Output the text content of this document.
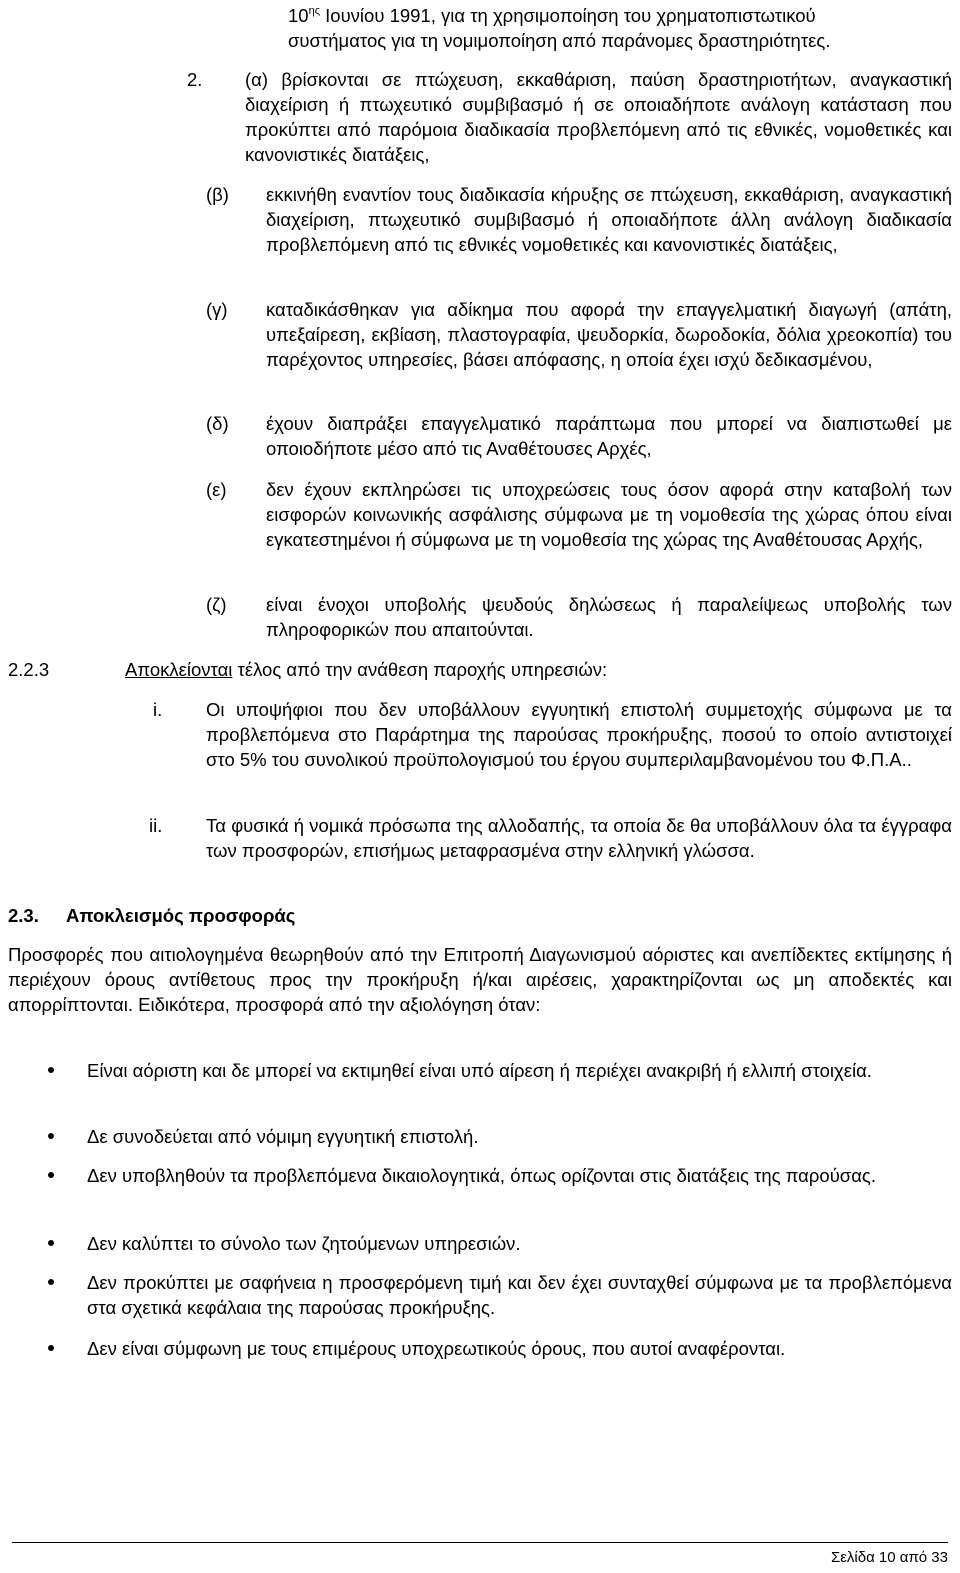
$10^{\eta\varsigma}$ Ιουνίου 1991, για τη χρησιμοποίηση του χρηματοπιστωτικού
συστήματος για τη νομιμοποίηση από παράνομες δραστηριότητες.
2. (α) βρίσκονται σε πτώχευση, εκκαθάριση, παύση δραστηριοτήτων, αναγκαστική διαχείριση ή πτωχευτικό συμβιβασμό ή σε οποιαδήποτε ανάλογη κατάσταση που προκύπτει από παρόμοια διαδικασία προβλεπόμενη από τις εθνικές, νομοθετικές και κανονιστικές διατάξεις,
(β) εκκινήθη εναντίον τους διαδικασία κήρυξης σε πτώχευση, εκκαθάριση, αναγκαστική διαχείριση, πτωχευτικό συμβιβασμό ή οποιαδήποτε άλλη ανάλογη διαδικασία προβλεπόμενη από τις εθνικές νομοθετικές και κανονιστικές διατάξεις,
(γ) καταδικάσθηκαν για αδίκημα που αφορά την επαγγελματική διαγωγή (απάτη, υπεξαίρεση, εκβίαση, πλαστογραφία, ψευδορκία, δωροδοκία, δόλια χρεοκοπία) του παρέχοντος υπηρεσίες, βάσει απόφασης, η οποία έχει ισχύ δεδικασμένου,
(δ) έχουν διαπράξει επαγγελματικό παράπτωμα που μπορεί να διαπιστωθεί με οποιοδήποτε μέσο από τις Αναθέτουσες Αρχές,
(ε) δεν έχουν εκπληρώσει τις υποχρεώσεις τους όσον αφορά στην καταβολή των εισφορών κοινωνικής ασφάλισης σύμφωνα με τη νομοθεσία της χώρας όπου είναι εγκατεστημένοι ή σύμφωνα με τη νομοθεσία της χώρας της Αναθέτουσας Αρχής,
(ζ) είναι ένοχοι υποβολής ψευδούς δηλώσεως ή παραλείψεως υποβολής των πληροφορικών που απαιτούνται.
2.2.3	Αποκλείονται τέλος από την ανάθεση παροχής υπηρεσιών:
i. Οι υποψήφιοι που δεν υποβάλλουν εγγυητική επιστολή συμμετοχής σύμφωνα με τα προβλεπόμενα στο Παράρτημα της παρούσας προκήρυξης, ποσού το οποίο αντιστοιχεί στο 5% του συνολικού προϋπολογισμού του έργου συμπεριλαμβανομένου του Φ.Π.Α..
ii. Τα φυσικά ή νομικά πρόσωπα της αλλοδαπής, τα οποία δε θα υποβάλλουν όλα τα έγγραφα των προσφορών, επισήμως μεταφρασμένα στην ελληνική γλώσσα.
2.3. Αποκλεισμός προσφοράς
Προσφορές που αιτιολογημένα θεωρηθούν από την Επιτροπή Διαγωνισμού αόριστες και ανεπίδεκτες εκτίμησης ή περιέχουν όρους αντίθετους προς την προκήρυξη ή/και αιρέσεις, χαρακτηρίζονται ως μη αποδεκτές και απορρίπτονται. Ειδικότερα, προσφορά από την αξιολόγηση όταν:
Είναι αόριστη και δε μπορεί να εκτιμηθεί είναι υπό αίρεση ή περιέχει ανακριβή ή ελλιπή στοιχεία.
Δε συνοδεύεται από νόμιμη εγγυητική επιστολή.
Δεν υποβληθούν τα προβλεπόμενα δικαιολογητικά, όπως ορίζονται στις διατάξεις της παρούσας.
Δεν καλύπτει το σύνολο των ζητούμενων υπηρεσιών.
Δεν προκύπτει με σαφήνεια η προσφερόμενη τιμή και δεν έχει συνταχθεί σύμφωνα με τα προβλεπόμενα στα σχετικά κεφάλαια της παρούσας προκήρυξης.
Δεν είναι σύμφωνη με τους επιμέρους υποχρεωτικούς όρους, που αυτοί αναφέρονται.
Σελίδα 10 από 33
